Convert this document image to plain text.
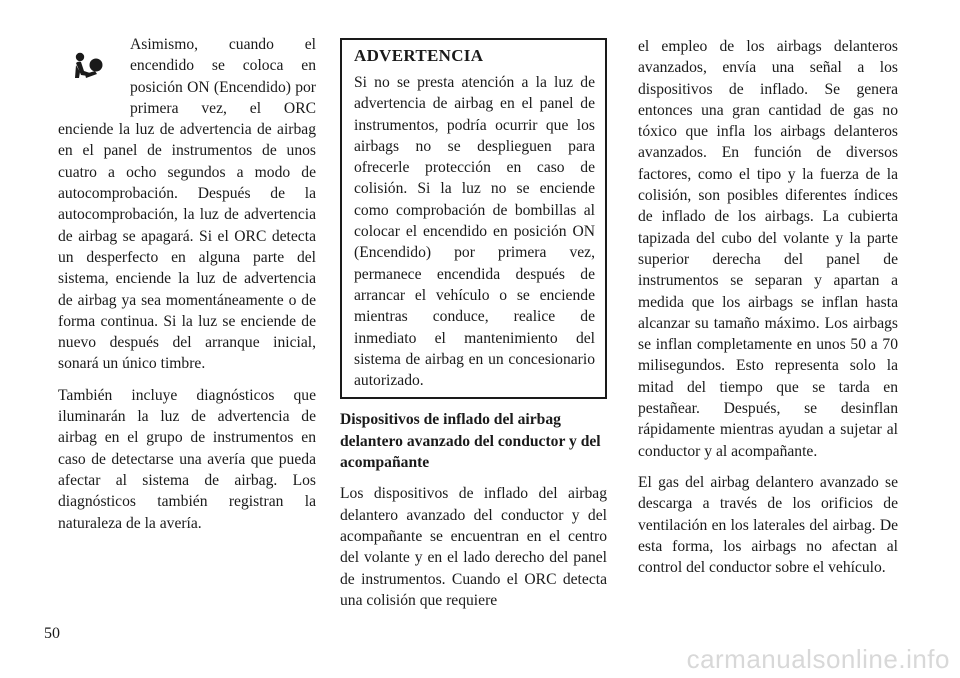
Asimismo, cuando el encendido se coloca en posición ON (Encendido) por primera vez, el ORC enciende la luz de advertencia de airbag en el panel de instrumentos de unos cuatro a ocho segundos a modo de autocomprobación. Después de la autocomprobación, la luz de advertencia de airbag se apagará. Si el ORC detecta un desperfecto en alguna parte del sistema, enciende la luz de advertencia de airbag ya sea momentáneamente o de forma continua. Si la luz se enciende de nuevo después del arranque inicial, sonará un único timbre.

También incluye diagnósticos que iluminarán la luz de advertencia de airbag en el grupo de instrumentos en caso de detectarse una avería que pueda afectar al sistema de airbag. Los diagnósticos también registran la naturaleza de la avería.

ADVERTENCIA

Si no se presta atención a la luz de advertencia de airbag en el panel de instrumentos, podría ocurrir que los airbags no se desplieguen para ofrecerle protección en caso de colisión. Si la luz no se enciende como comprobación de bombillas al colocar el encendido en posición ON (Encendido) por primera vez, permanece encendida después de arrancar el vehículo o se enciende mientras conduce, realice de inmediato el mantenimiento del sistema de airbag en un concesionario autorizado.

Dispositivos de inflado del airbag delantero avanzado del conductor y del acompañante

Los dispositivos de inflado del airbag delantero avanzado del conductor y del acompañante se encuentran en el centro del volante y en el lado derecho del panel de instrumentos. Cuando el ORC detecta una colisión que requiere

el empleo de los airbags delanteros avanzados, envía una señal a los dispositivos de inflado. Se genera entonces una gran cantidad de gas no tóxico que infla los airbags delanteros avanzados. En función de diversos factores, como el tipo y la fuerza de la colisión, son posibles diferentes índices de inflado de los airbags. La cubierta tapizada del cubo del volante y la parte superior derecha del panel de instrumentos se separan y apartan a medida que los airbags se inflan hasta alcanzar su tamaño máximo. Los airbags se inflan completamente en unos 50 a 70 milisegundos. Esto representa solo la mitad del tiempo que se tarda en pestañear. Después, se desinflan rápidamente mientras ayudan a sujetar al conductor y al acompañante.

El gas del airbag delantero avanzado se descarga a través de los orificios de ventilación en los laterales del airbag. De esta forma, los airbags no afectan al control del conductor sobre el vehículo.

50
carmanualsonline.info
